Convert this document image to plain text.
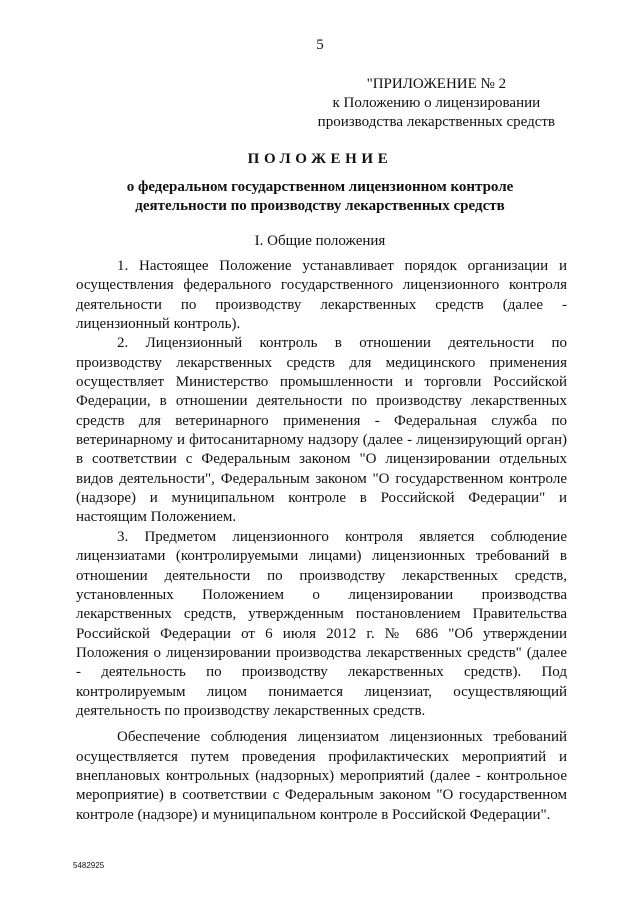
5
"ПРИЛОЖЕНИЕ № 2
к Положению о лицензировании
производства лекарственных средств
ПОЛОЖЕНИЕ
о федеральном государственном лицензионном контроле
деятельности по производству лекарственных средств
I. Общие положения

1. Настоящее Положение устанавливает порядок организации и осуществления федерального государственного лицензионного контроля деятельности по производству лекарственных средств (далее - лицензионный контроль).

2. Лицензионный контроль в отношении деятельности по производству лекарственных средств для медицинского применения осуществляет Министерство промышленности и торговли Российской Федерации, в отношении деятельности по производству лекарственных средств для ветеринарного применения - Федеральная служба по ветеринарному и фитосанитарному надзору (далее - лицензирующий орган) в соответствии с Федеральным законом "О лицензировании отдельных видов деятельности", Федеральным законом "О государственном контроле (надзоре) и муниципальном контроле в Российской Федерации" и настоящим Положением.

3. Предметом лицензионного контроля является соблюдение лицензиатами (контролируемыми лицами) лицензионных требований в отношении деятельности по производству лекарственных средств, установленных Положением о лицензировании производства лекарственных средств, утвержденным постановлением Правительства Российской Федерации от 6 июля 2012 г. № 686 "Об утверждении Положения о лицензировании производства лекарственных средств" (далее - деятельность по производству лекарственных средств). Под контролируемым лицом понимается лицензиат, осуществляющий деятельность по производству лекарственных средств.

Обеспечение соблюдения лицензиатом лицензионных требований осуществляется путем проведения профилактических мероприятий и внеплановых контрольных (надзорных) мероприятий (далее - контрольное мероприятие) в соответствии с Федеральным законом "О государственном контроле (надзоре) и муниципальном контроле в Российской Федерации".

5482925
